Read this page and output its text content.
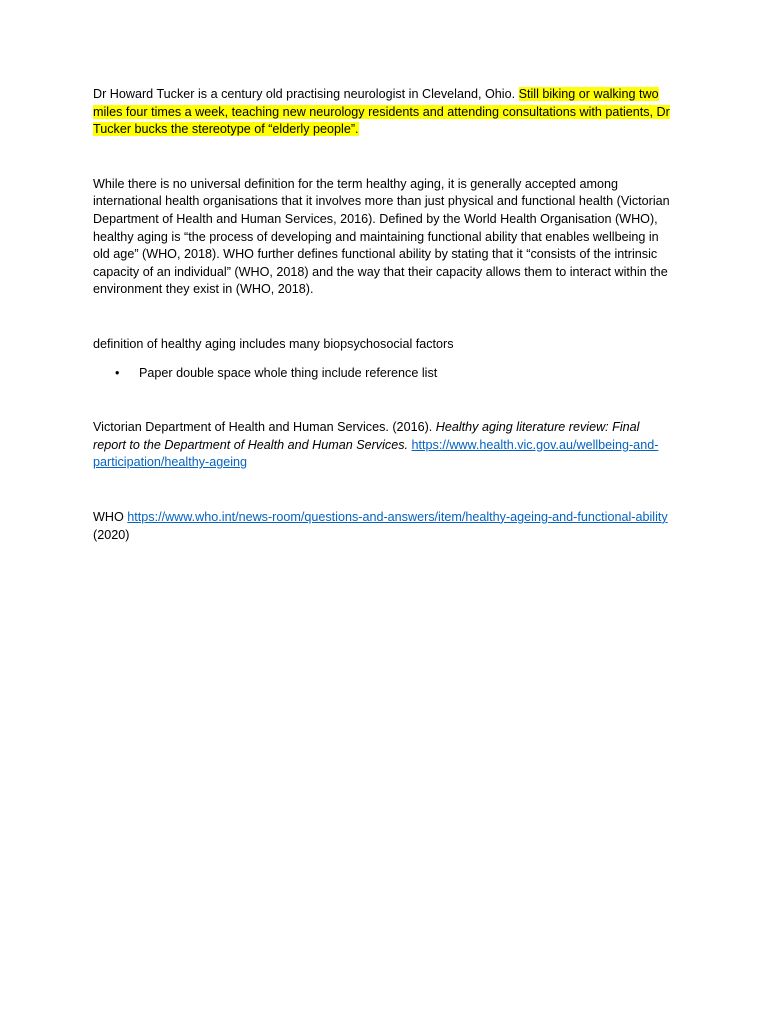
Dr Howard Tucker is a century old practising neurologist in Cleveland, Ohio. Still biking or walking two miles four times a week, teaching new neurology residents and attending consultations with patients, Dr Tucker bucks the stereotype of “elderly people”.

While there is no universal definition for the term healthy aging, it is generally accepted among international health organisations that it involves more than just physical and functional health (Victorian Department of Health and Human Services, 2016). Defined by the World Health Organisation (WHO), healthy aging is “the process of developing and maintaining functional ability that enables wellbeing in old age” (WHO, 2018). WHO further defines functional ability by stating that it “consists of the intrinsic capacity of an individual” (WHO, 2018) and the way that their capacity allows them to interact within the environment they exist in (WHO, 2018).

definition of healthy aging includes many biopsychosocial factors

• Paper double space whole thing include reference list

Victorian Department of Health and Human Services. (2016). Healthy aging literature review: Final report to the Department of Health and Human Services. https://www.health.vic.gov.au/wellbeing-and-participation/healthy-ageing

WHO https://www.who.int/news-room/questions-and-answers/item/healthy-ageing-and-functional-ability (2020)
